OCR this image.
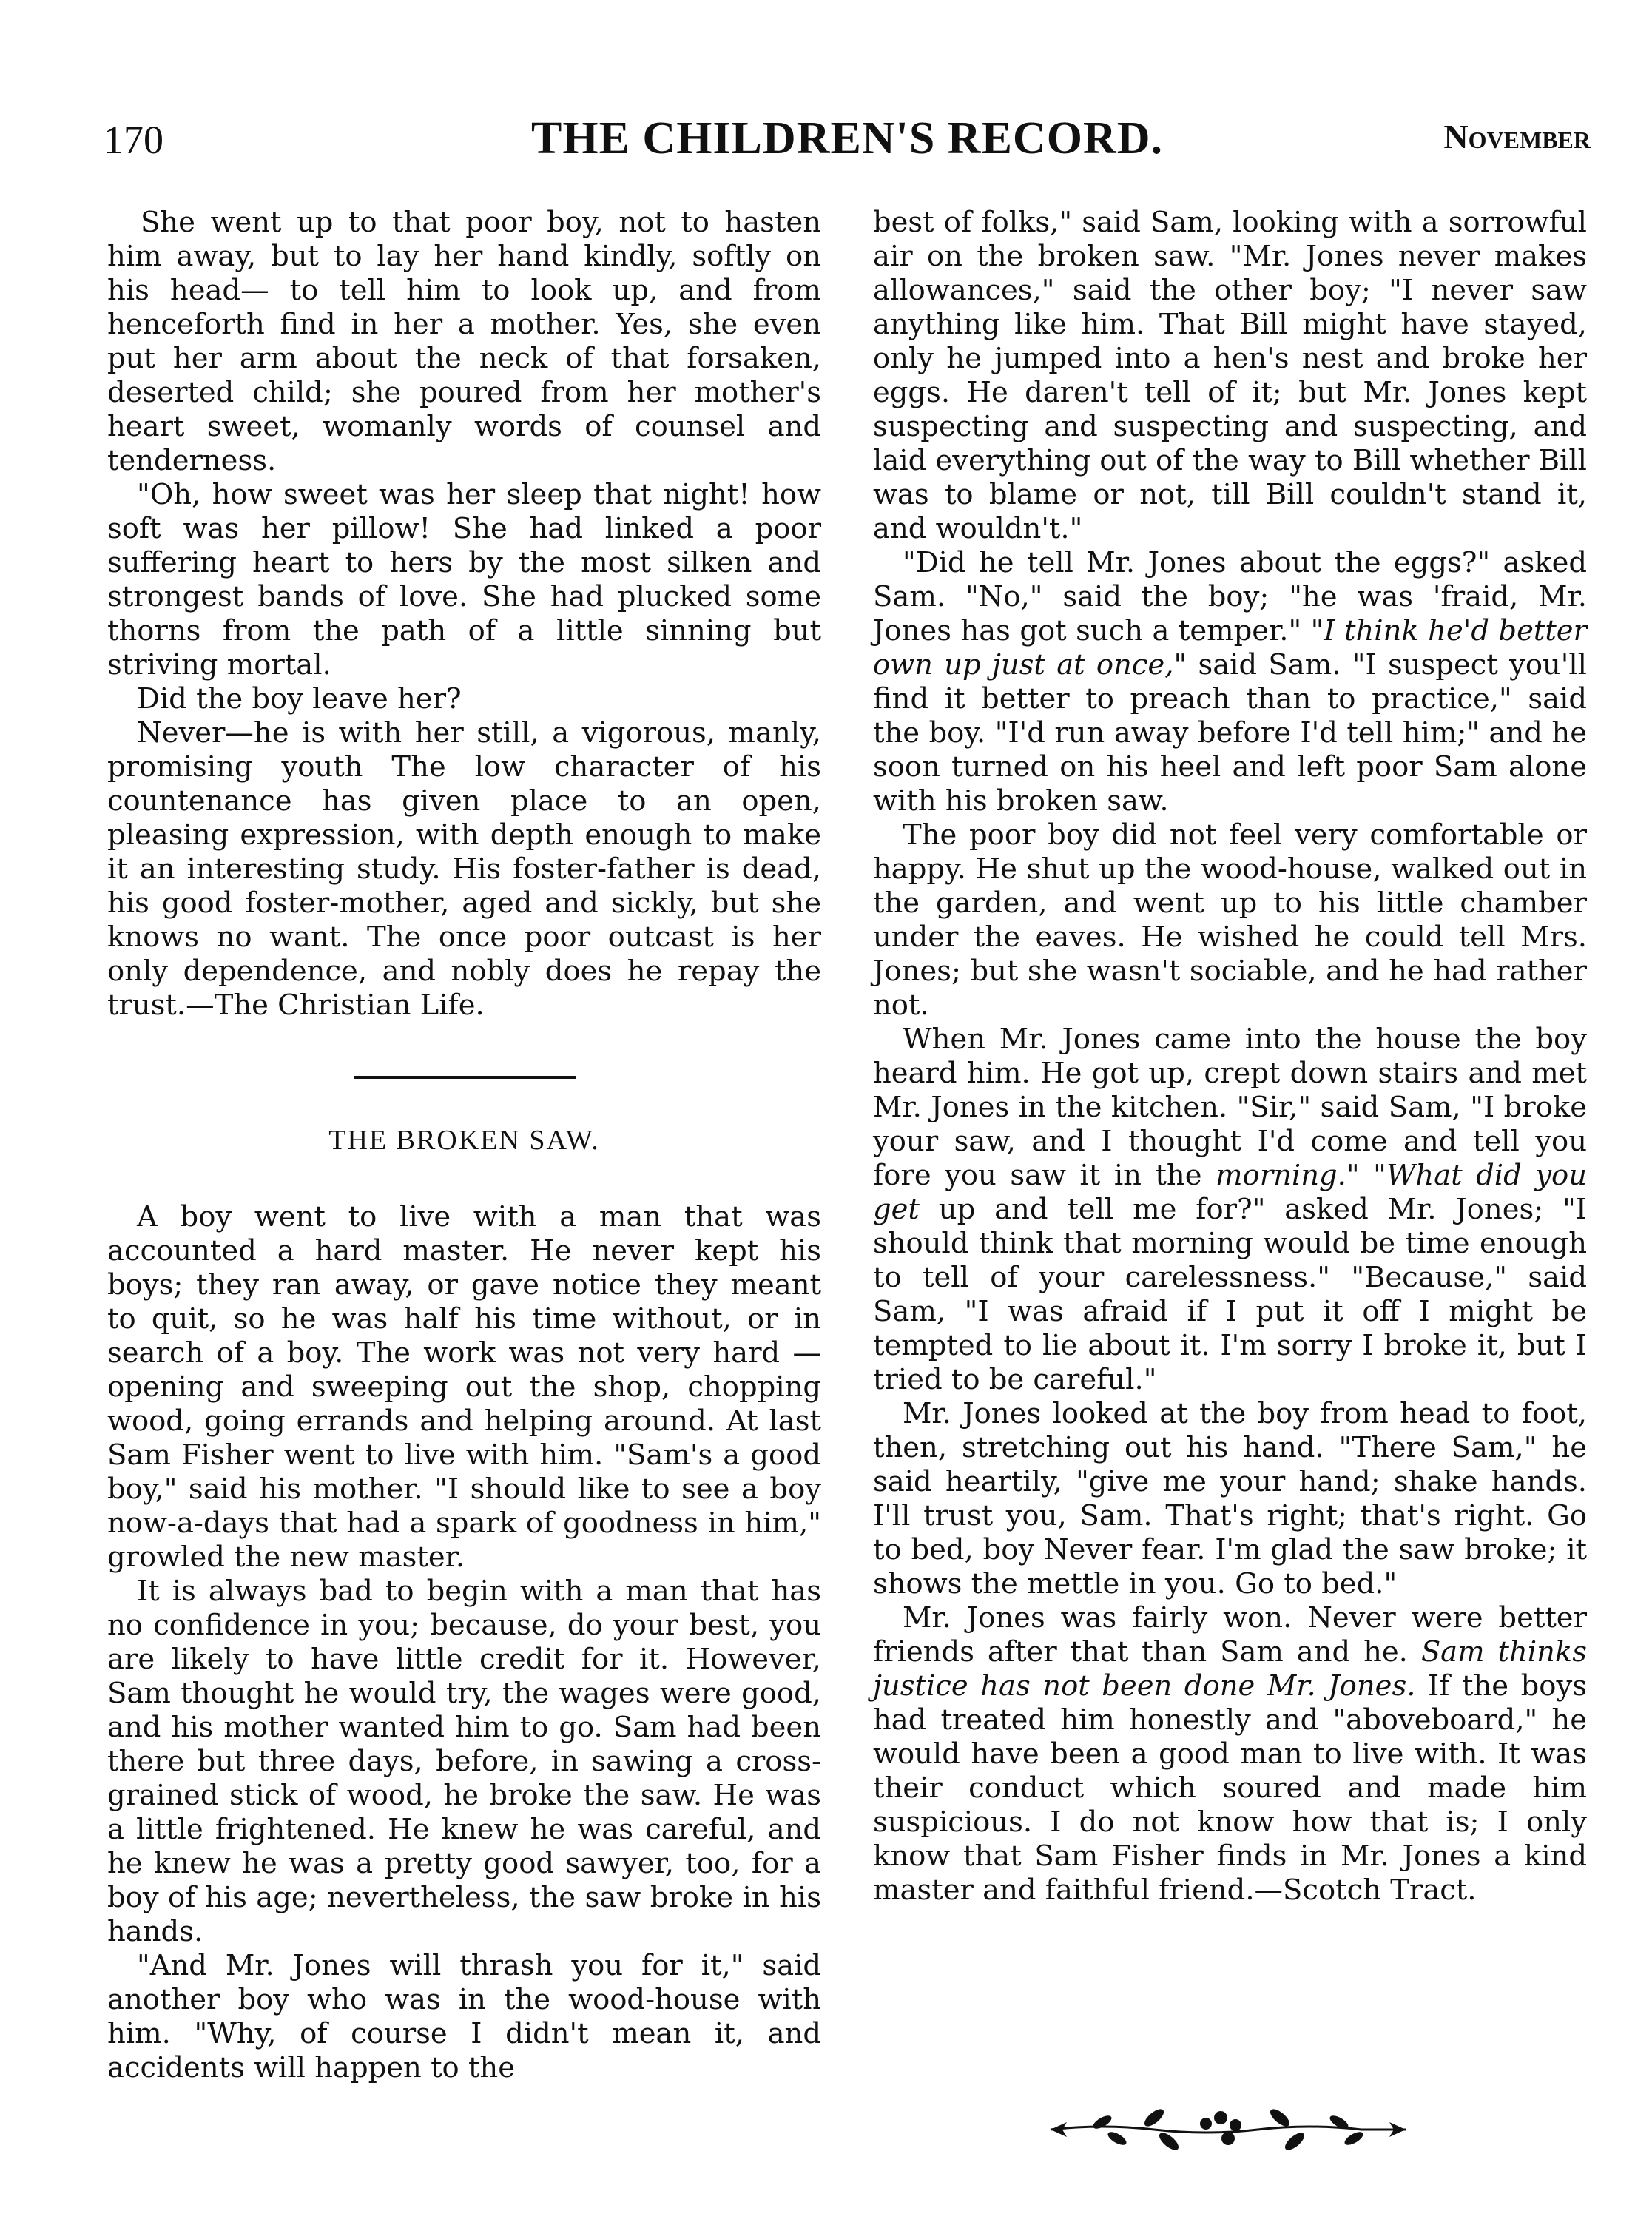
170	THE CHILDREN'S RECORD.	November

She went up to that poor boy, not to hasten him away, but to lay her hand kindly, softly on his head— to tell him to look up, and from henceforth find in her a mother. Yes, she even put her arm about the neck of that forsaken, deserted child; she poured from her mother's heart sweet, womanly words of counsel and tenderness.

"Oh, how sweet was her sleep that night! how soft was her pillow! She had linked a poor suffering heart to hers by the most silken and strongest bands of love. She had plucked some thorns from the path of a little sinning but striving mortal.

Did the boy leave her?

Never—he is with her still, a vigorous, manly, promising youth The low character of his countenance has given place to an open, pleasing expression, with depth enough to make it an interesting study. His foster-father is dead, his good foster-mother, aged and sickly, but she knows no want. The once poor outcast is her only dependence, and nobly does he repay the trust.—The Christian Life.

THE BROKEN SAW.

A boy went to live with a man that was accounted a hard master. He never kept his boys; they ran away, or gave notice they meant to quit, so he was half his time without, or in search of a boy. The work was not very hard — opening and sweeping out the shop, chopping wood, going errands and helping around. At last Sam Fisher went to live with him. "Sam's a good boy," said his mother. "I should like to see a boy now-a-days that had a spark of goodness in him," growled the new master.

It is always bad to begin with a man that has no confidence in you; because, do your best, you are likely to have little credit for it. However, Sam thought he would try, the wages were good, and his mother wanted him to go. Sam had been there but three days, before, in sawing a cross-grained stick of wood, he broke the saw. He was a little frightened. He knew he was careful, and he knew he was a pretty good sawyer, too, for a boy of his age; nevertheless, the saw broke in his hands.

"And Mr. Jones will thrash you for it," said another boy who was in the wood-house with him. "Why, of course I didn't mean it, and accidents will happen to the

best of folks," said Sam, looking with a sorrowful air on the broken saw. "Mr. Jones never makes allowances," said the other boy; "I never saw anything like him. That Bill might have stayed, only he jumped into a hen's nest and broke her eggs. He daren't tell of it; but Mr. Jones kept suspecting and suspecting and suspecting, and laid everything out of the way to Bill whether Bill was to blame or not, till Bill couldn't stand it, and wouldn't."

"Did he tell Mr. Jones about the eggs?" asked Sam. "No," said the boy; "he was 'fraid, Mr. Jones has got such a temper." "I think he'd better own up just at once," said Sam. "I suspect you'll find it better to preach than to practice," said the boy. "I'd run away before I'd tell him;" and he soon turned on his heel and left poor Sam alone with his broken saw.

The poor boy did not feel very comfortable or happy. He shut up the wood-house, walked out in the garden, and went up to his little chamber under the eaves. He wished he could tell Mrs. Jones; but she wasn't sociable, and he had rather not.

When Mr. Jones came into the house the boy heard him. He got up, crept down stairs and met Mr. Jones in the kitchen. "Sir," said Sam, "I broke your saw, and I thought I'd come and tell you fore you saw it in the morning." "What did you get up and tell me for?" asked Mr. Jones; "I should think that morning would be time enough to tell of your carelessness." "Because," said Sam, "I was afraid if I put it off I might be tempted to lie about it. I'm sorry I broke it, but I tried to be careful."

Mr. Jones looked at the boy from head to foot, then, stretching out his hand. "There Sam," he said heartily, "give me your hand; shake hands. I'll trust you, Sam. That's right; that's right. Go to bed, boy Never fear. I'm glad the saw broke; it shows the mettle in you. Go to bed."

Mr. Jones was fairly won. Never were better friends after that than Sam and he. Sam thinks justice has not been done Mr. Jones. If the boys had treated him honestly and "aboveboard," he would have been a good man to live with. It was their conduct which soured and made him suspicious. I do not know how that is; I only know that Sam Fisher finds in Mr. Jones a kind master and faithful friend.—Scotch Tract.
